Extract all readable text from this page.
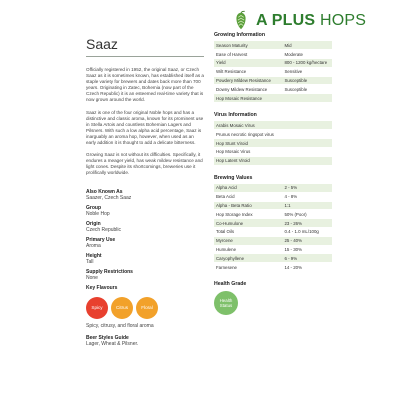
A PLUS HOPS
Saaz

Officially registered in 1952, the original Saaz, or Czech Saaz as it is sometimes known, has established itself as a staple variety for brewers and dates back more than 700 years. Originating in Zatec, Bohemia (now part of the Czech Republic) it is an esteemed real-time variety that is now grown around the world.

Saaz is one of the four original Noble hops and has a distinctive and classic aroma, known for its prominent use in Stella Artois and countless Bohemian Lagers and Pilsners. With such a low alpha acid percentage, Saaz is inarguably an aroma hop, however, when used as an early addition it is thought to add a delicate bitterness.

Growing Saaz is not without its difficulties. Specifically, it endures a meager yield, has weak mildew resistance and light cones. Despite its shortcomings, breweries use it prolifically worldwide.

Also Known As
Saazer, Czech Saaz
Group
Noble Hop
Origin
Czech Republic
Primary Use
Aroma
Height
Tall
Supply Restrictions
None
Key Flavours
Spicy	Citrus	Floral
Spicy, citrusy, and floral aroma
Beer Styles Guide
Lager, Wheat & Pilsner.
Growing Information
Season Maturity	Mid
Ease of Harvest	Moderate
Yield	800 - 1200 kg/hectare
Wilt Resistance	Sensitive
Powdery Mildew Resistance	Susceptible
Downy Mildew Resistance	Susceptible
Hop Mosaic Resistance	
Virus Information
Arabis Mosaic Virus	
Prunus necrotic ringspot virus	
Hop Stunt Viroid	
Hop Mosaic Virus	
Hop Latent Viroid	
Brewing Values
Alpha Acid	2 - 5%
Beta Acid	4 - 8%
Alpha - Beta Ratio	1:1
Hop Storage Index	50% (Poor)
Co-Humulone	23 - 26%
Total Oils	0.4 - 1.0 mL/100g
Myrcene	25 - 40%
Humulene	15 - 30%
Caryophyllene	6 - 9%
Farnesene	14 - 20%
Health Grade
Health
Status
